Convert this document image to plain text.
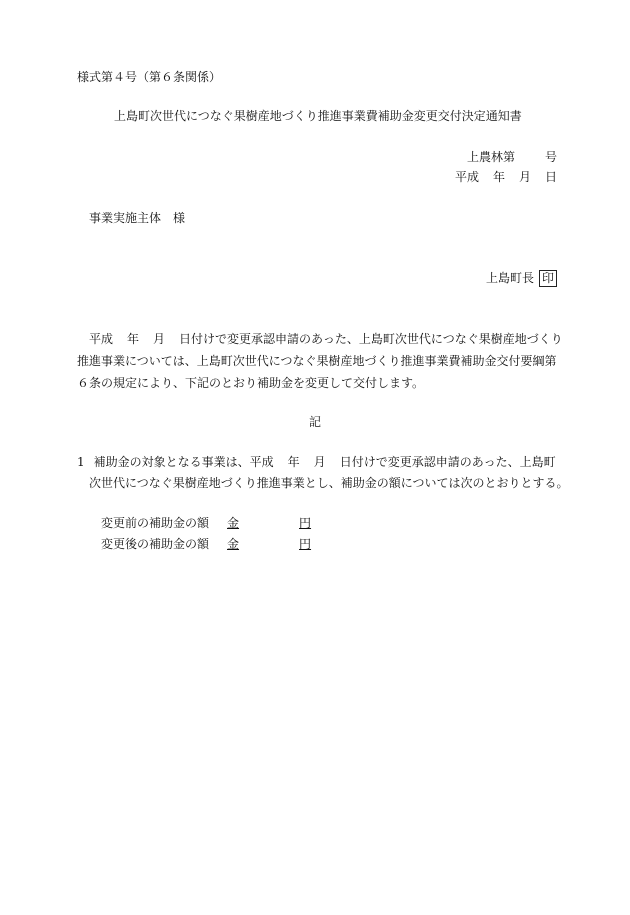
様式第４号（第６条関係）
上島町次世代につなぐ果樹産地づくり推進事業費補助金変更交付決定通知書
上農林第	号
平成 年 月 日
事業実施主体　様
上島町長 印
平成 年 月 日付けで変更承認申請のあった、上島町次世代につなぐ果樹産地づくり
推進事業については、上島町次世代につなぐ果樹産地づくり推進事業費補助金交付要綱第
６条の規定により、下記のとおり補助金を変更して交付します。
記
1 補助金の対象となる事業は、平成 年 月 日付けで変更承認申請のあった、上島町
次世代につなぐ果樹産地づくり推進事業とし、補助金の額については次のとおりとする。
変更前の補助金の額 金	円
変更後の補助金の額 金	円
